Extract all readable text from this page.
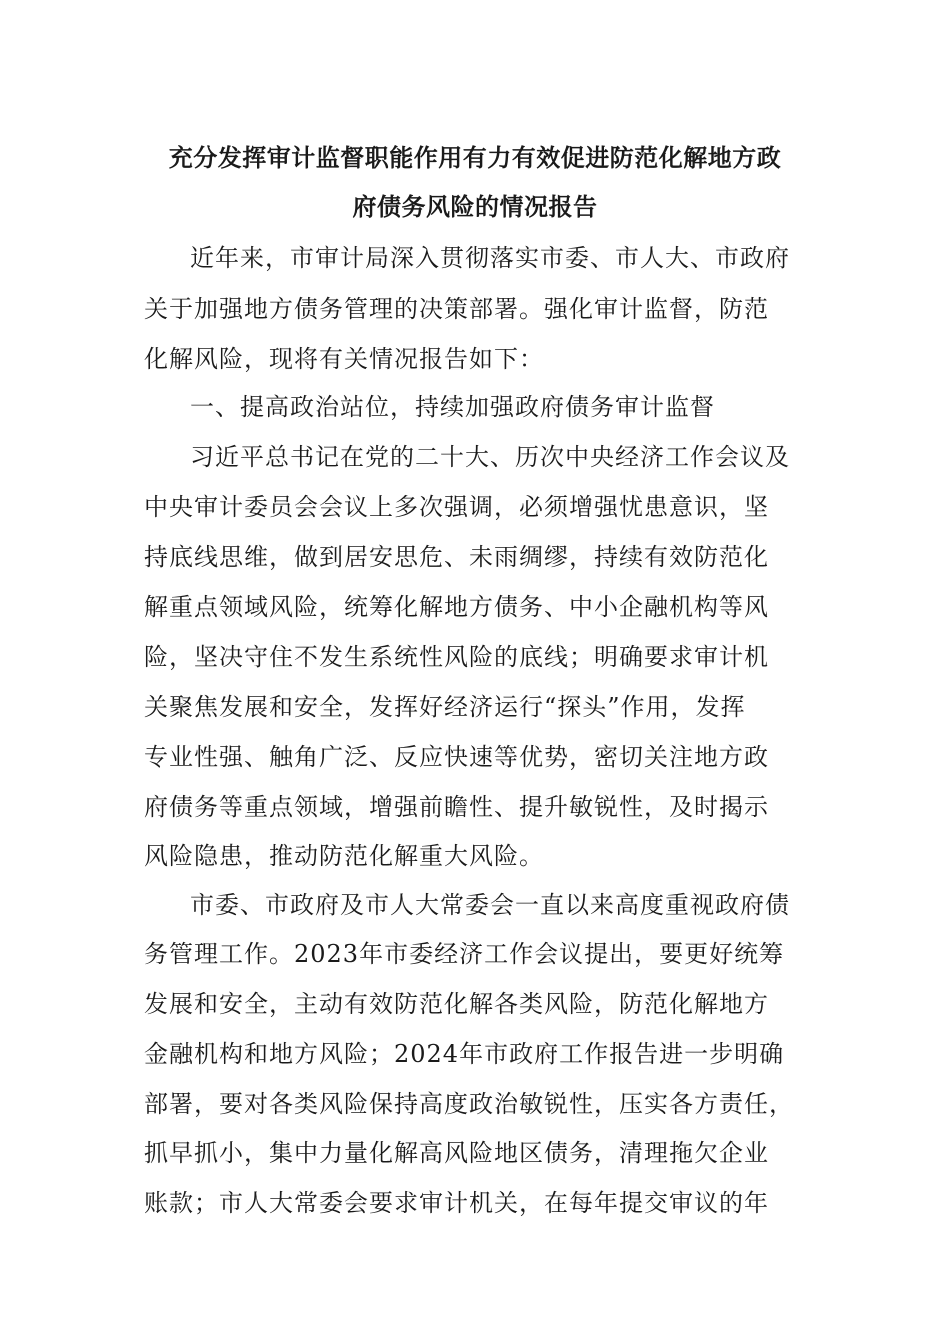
充分发挥审计监督职能作用有力有效促进防范化解地方政
府债务风险的情况报告
近年来，市审计局深入贯彻落实市委、市人大、市政府
关于加强地方债务管理的决策部署。强化审计监督，防范
化解风险，现将有关情况报告如下：
一、提高政治站位，持续加强政府债务审计监督
习近平总书记在党的二十大、历次中央经济工作会议及
中央审计委员会会议上多次强调，必须增强忧患意识，坚
持底线思维，做到居安思危、未雨绸缪，持续有效防范化
解重点领域风险，统筹化解地方债务、中小企融机构等风
险，坚决守住不发生系统性风险的底线；明确要求审计机
关聚焦发展和安全，发挥好经济运行“探头”作用，发挥
专业性强、触角广泛、反应快速等优势，密切关注地方政
府债务等重点领域，增强前瞻性、提升敏锐性，及时揭示
风险隐患，推动防范化解重大风险。
市委、市政府及市人大常委会一直以来高度重视政府债
务管理工作。2023年市委经济工作会议提出，要更好统筹
发展和安全，主动有效防范化解各类风险，防范化解地方
金融机构和地方风险；2024年市政府工作报告进一步明确
部署，要对各类风险保持高度政治敏锐性，压实各方责任，
抓早抓小，集中力量化解高风险地区债务，清理拖欠企业
账款；市人大常委会要求审计机关，在每年提交审议的年
